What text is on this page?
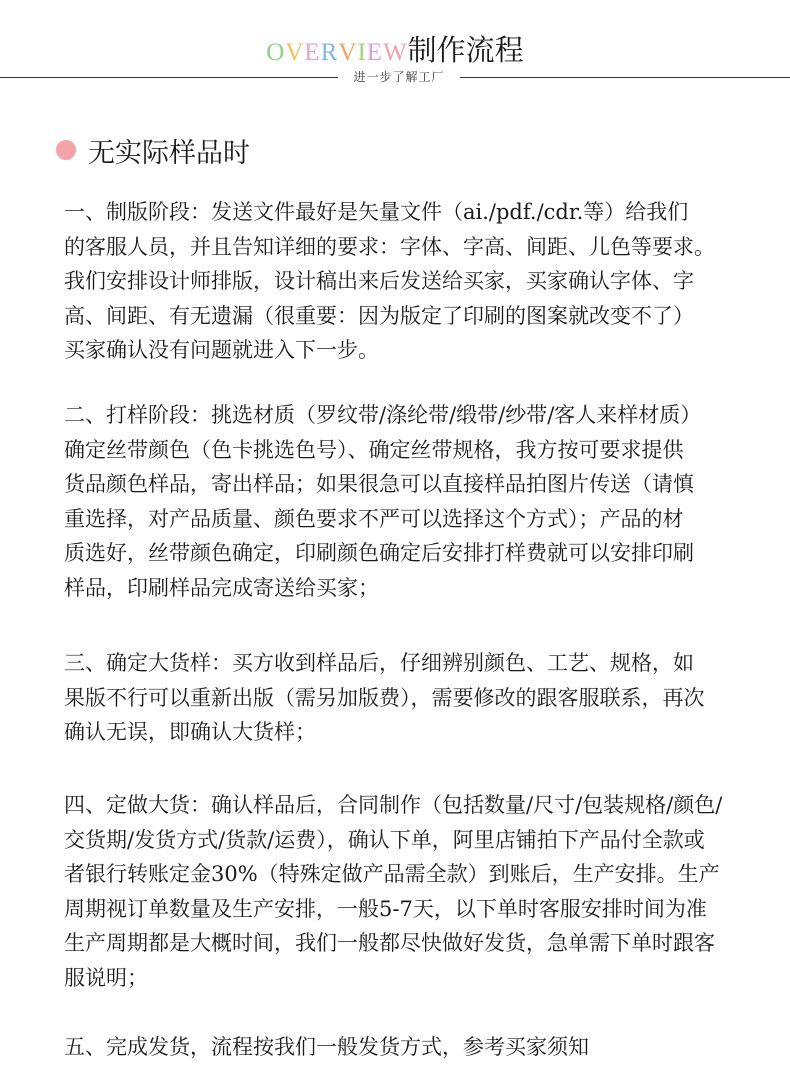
OVERVIEW制作流程
进一步了解工厂
无实际样品时
一、制版阶段：发送文件最好是矢量文件（ai./pdf./cdr.等）给我们
的客服人员，并且告知详细的要求：字体、字高、间距、儿色等要求。
我们安排设计师排版，设计稿出来后发送给买家，买家确认字体、字
高、间距、有无遗漏（很重要：因为版定了印刷的图案就改变不了）
买家确认没有问题就进入下一步。
二、打样阶段：挑选材质（罗纹带/涤纶带/缎带/纱带/客人来样材质）
确定丝带颜色（色卡挑选色号）、确定丝带规格，我方按可要求提供
货品颜色样品，寄出样品；如果很急可以直接样品拍图片传送（请慎
重选择，对产品质量、颜色要求不严可以选择这个方式）；产品的材
质选好，丝带颜色确定，印刷颜色确定后安排打样费就可以安排印刷
样品，印刷样品完成寄送给买家；
三、确定大货样：买方收到样品后，仔细辨别颜色、工艺、规格，如
果版不行可以重新出版（需另加版费），需要修改的跟客服联系，再次
确认无误，即确认大货样；
四、定做大货：确认样品后，合同制作（包括数量/尺寸/包装规格/颜色/
交货期/发货方式/货款/运费），确认下单，阿里店铺拍下产品付全款或
者银行转账定金30%（特殊定做产品需全款）到账后，生产安排。生产
周期视订单数量及生产安排，一般5-7天，以下单时客服安排时间为准
生产周期都是大概时间，我们一般都尽快做好发货，急单需下单时跟客
服说明；
五、完成发货，流程按我们一般发货方式，参考买家须知
